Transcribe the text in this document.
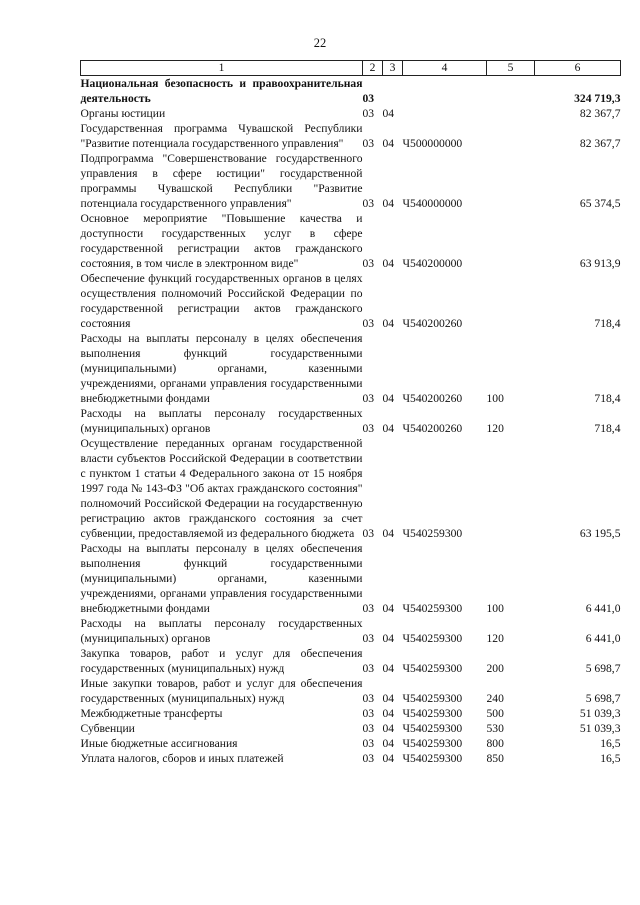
22
1	2	3	4	5	6
Национальная безопасность и правоохранительная деятельность	03				324 719,3
Органы юстиции	03	04			82 367,7
Государственная программа Чувашской Республики "Развитие потенциала государственного управления"	03	04	Ч500000000		82 367,7
Подпрограмма "Совершенствование государственного управления в сфере юстиции" государственной программы Чувашской Республики "Развитие потенциала государственного управления"	03	04	Ч540000000		65 374,5
Основное мероприятие "Повышение качества и доступности государственных услуг в сфере государственной регистрации актов гражданского состояния, в том числе в электронном виде"	03	04	Ч540200000		63 913,9
Обеспечение функций государственных органов в целях осуществления полномочий Российской Федерации по государственной регистрации актов гражданского состояния	03	04	Ч540200260		718,4
Расходы на выплаты персоналу в целях обеспечения выполнения функций государственными (муниципальными) органами, казенными учреждениями, органами управления государственными внебюджетными фондами	03	04	Ч540200260	100	718,4
Расходы на выплаты персоналу государственных (муниципальных) органов	03	04	Ч540200260	120	718,4
Осуществление переданных органам государственной власти субъектов Российской Федерации в соответствии с пунктом 1 статьи 4 Федерального закона от 15 ноября 1997 года № 143-ФЗ "Об актах гражданского состояния" полномочий Российской Федерации на государственную регистрацию актов гражданского состояния за счет субвенции, предоставляемой из федерального бюджета	03	04	Ч540259300		63 195,5
Расходы на выплаты персоналу в целях обеспечения выполнения функций государственными (муниципальными) органами, казенными учреждениями, органами управления государственными внебюджетными фондами	03	04	Ч540259300	100	6 441,0
Расходы на выплаты персоналу государственных (муниципальных) органов	03	04	Ч540259300	120	6 441,0
Закупка товаров, работ и услуг для обеспечения государственных (муниципальных) нужд	03	04	Ч540259300	200	5 698,7
Иные закупки товаров, работ и услуг для обеспечения государственных (муниципальных) нужд	03	04	Ч540259300	240	5 698,7
Межбюджетные трансферты	03	04	Ч540259300	500	51 039,3
Субвенции	03	04	Ч540259300	530	51 039,3
Иные бюджетные ассигнования	03	04	Ч540259300	800	16,5
Уплата налогов, сборов и иных платежей	03	04	Ч540259300	850	16,5
